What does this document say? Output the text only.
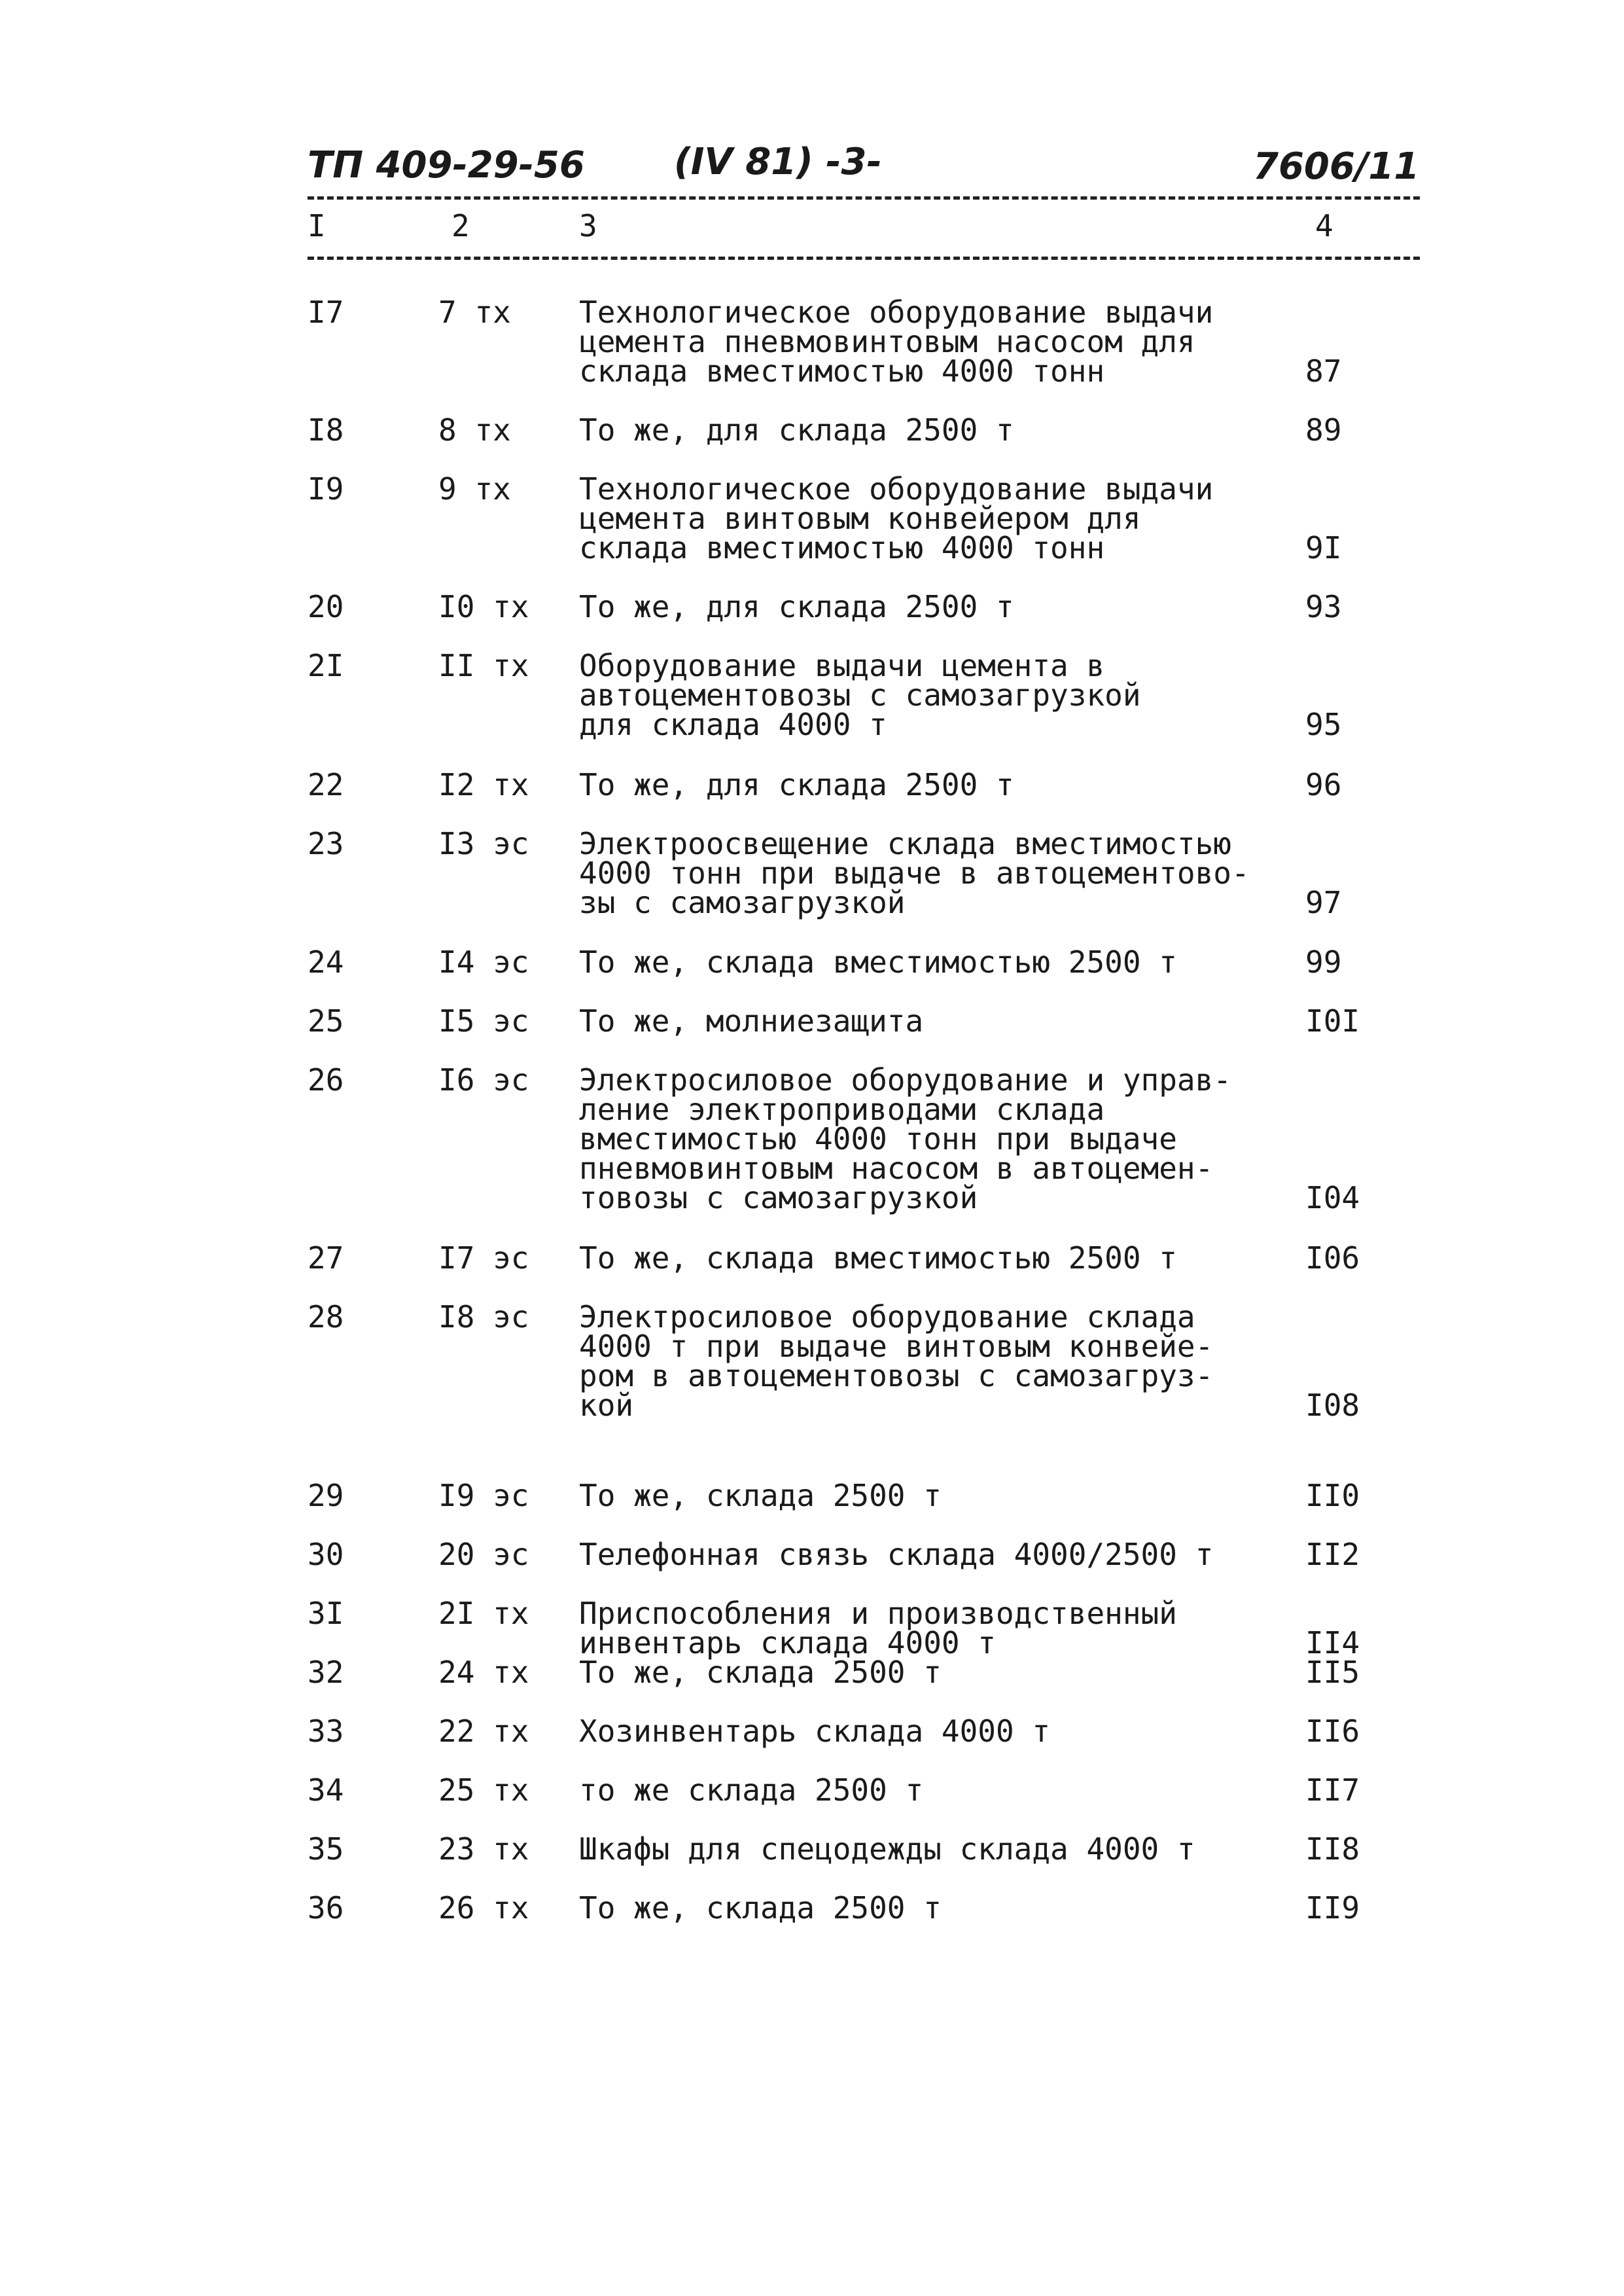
ТП 409-29-56 (IV 81) -3-	7606/11
I	2	3	4
I7	7 тх Технологическое оборудование выдачи
цемента пневмовинтовым насосом для
склада вместимостью 4000 тонн	87
I8	8 тх То же, для склада 2500 т	89
I9	9 тх Технологическое оборудование выдачи
цемента винтовым конвейером для
склада вместимостью 4000 тонн	9I
20	I0 тх То же, для склада 2500 т	93
2I	II тх Оборудование выдачи цемента в
автоцементовозы с самозагрузкой
для склада 4000 т	95
22	I2 тх То же, для склада 2500 т	96
23	I3 эс Электроосвещение склада вместимостью
4000 тонн при выдаче в автоцементово-
зы с самозагрузкой	97
24	I4 эс То же, склада вместимостью 2500 т	99
25	I5 эс То же, молниезащита	I0I
26	I6 эс Электросиловое оборудование и управ-
ление электроприводами склада
вместимостью 4000 тонн при выдаче
пневмовинтовым насосом в автоцемен-
товозы с самозагрузкой	I04
27	I7 эс То же, склада вместимостью 2500 т	I06
28	I8 эс Электросиловое оборудование склада
4000 т при выдаче винтовым конвейе-
ром в автоцементовозы с самозагруз-
кой	I08
29	I9 эс То же, склада 2500 т	II0
30	20 эс Телефонная связь склада 4000/2500 т	II2
3I	2I тх Приспособления и производственный
инвентарь склада 4000 т	II4
32	24 тх То же, склада 2500 т	II5
33	22 тх Хозинвентарь склада 4000 т	II6
34	25 тх то же склада 2500 т	II7
35	23 тх Шкафы для спецодежды склада 4000 т	II8
36	26 тх То же, склада 2500 т	II9
